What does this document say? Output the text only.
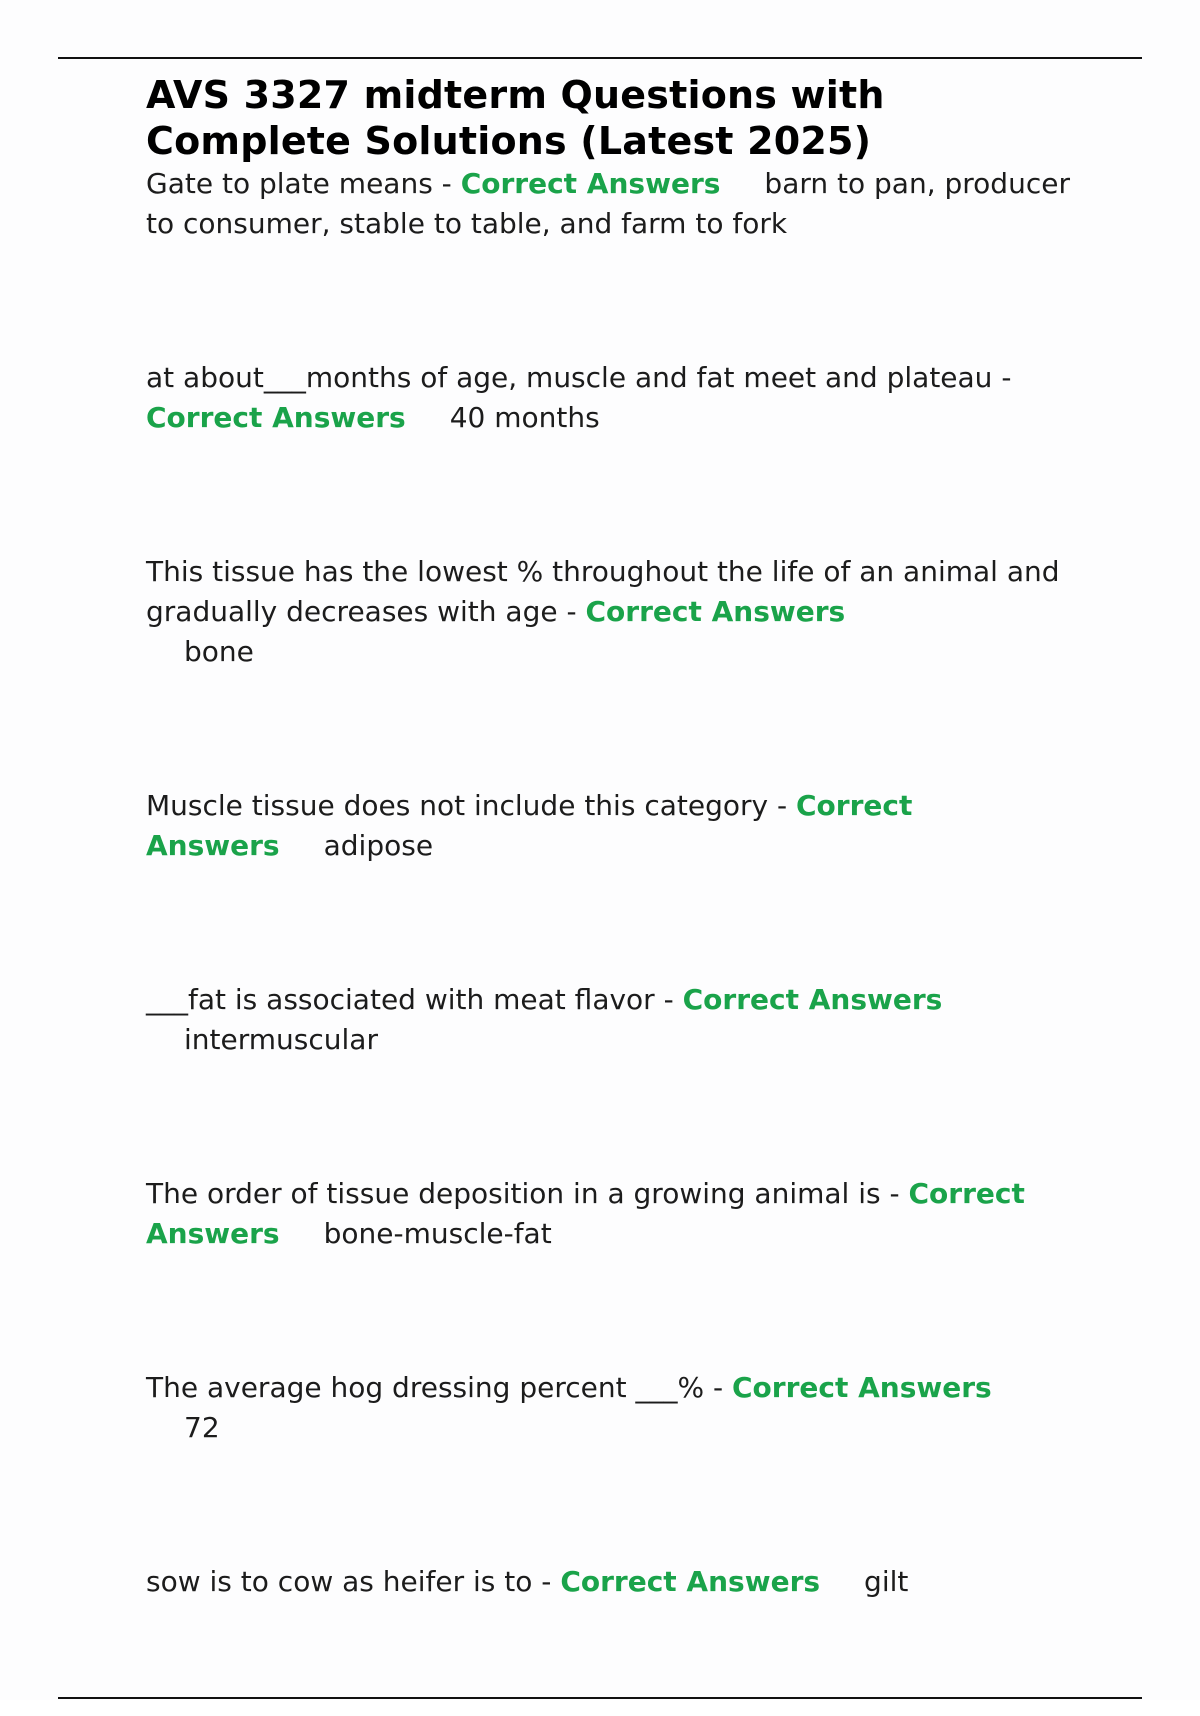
AVS 3327 midterm Questions with Complete Solutions (Latest 2025)
Gate to plate means - Correct Answers barn to pan, producer to consumer, stable to table, and farm to fork
at about___months of age, muscle and fat meet and plateau - Correct Answers 40 months
This tissue has the lowest % throughout the life of an animal and gradually decreases with age - Correct Answers
bone
Muscle tissue does not include this category - Correct Answers adipose
___fat is associated with meat flavor - Correct Answers
intermuscular
The order of tissue deposition in a growing animal is - Correct Answers bone-muscle-fat
The average hog dressing percent ___% - Correct Answers
72
sow is to cow as heifer is to - Correct Answers gilt
